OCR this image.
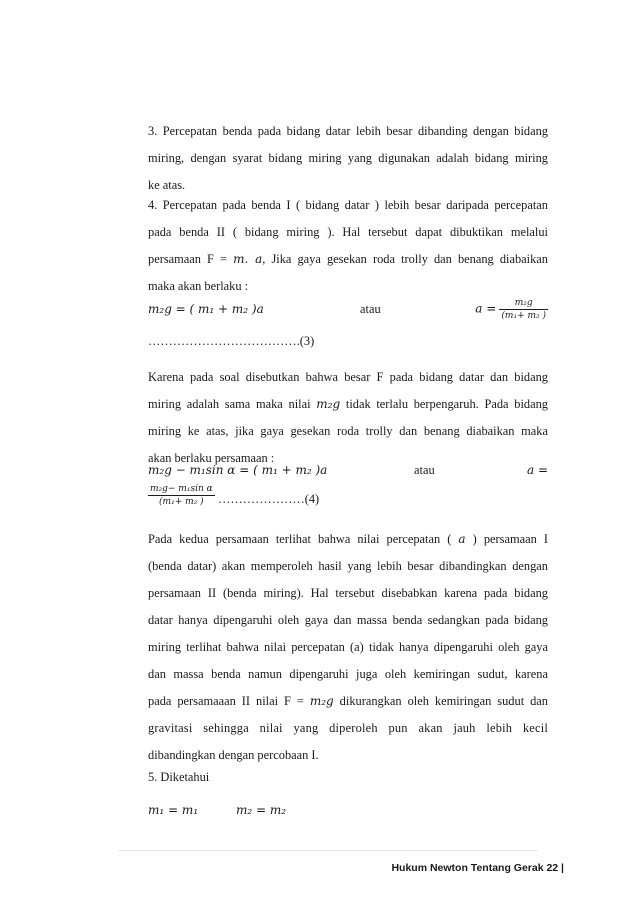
3. Percepatan benda pada bidang datar lebih besar dibanding dengan bidang
miring, dengan syarat bidang miring yang digunakan adalah bidang miring
ke atas.
4. Percepatan pada benda I ( bidang datar ) lebih besar daripada percepatan
pada benda II ( bidang miring ). Hal tersebut dapat dibuktikan melalui
persamaan F = m. a, Jika gaya gesekan roda trolly dan benang diabaikan
maka akan berlaku :
m₂g = ( m₁ + m₂ )a	atau	$a = \frac{\text{m₂g}}{\text{(m₁+ m₂ )}}$
……………………………….(3)
Karena pada soal disebutkan bahwa besar F pada bidang datar dan bidang
miring adalah sama maka nilai m₂g tidak terlalu berpengaruh. Pada bidang
miring ke atas, jika gaya gesekan roda trolly dan benang diabaikan maka
akan berlaku persamaan :
m₂g − m₁sin α = ( m₁ + m₂ )a	atau	a =
$\frac{\text{m₂g− m₁sin α}}{\text{(m₁+ m₂ )}}$ …………………(4)
Pada kedua persamaan terlihat bahwa nilai percepatan ( a ) persamaan I
(benda datar) akan memperoleh hasil yang lebih besar dibandingkan dengan
persamaan II (benda miring). Hal tersebut disebabkan karena pada bidang
datar hanya dipengaruhi oleh gaya dan massa benda sedangkan pada bidang
miring terlihat bahwa nilai percepatan (a) tidak hanya dipengaruhi oleh gaya
dan massa benda namun dipengaruhi juga oleh kemiringan sudut, karena
pada persamaaan II nilai F = m₂g dikurangkan oleh kemiringan sudut dan
gravitasi sehingga nilai yang diperoleh pun akan jauh lebih kecil
dibandingkan dengan percobaan I.
5. Diketahui
m₁ = m₁	m₂ = m₂
Hukum Newton Tentang Gerak 22 |
